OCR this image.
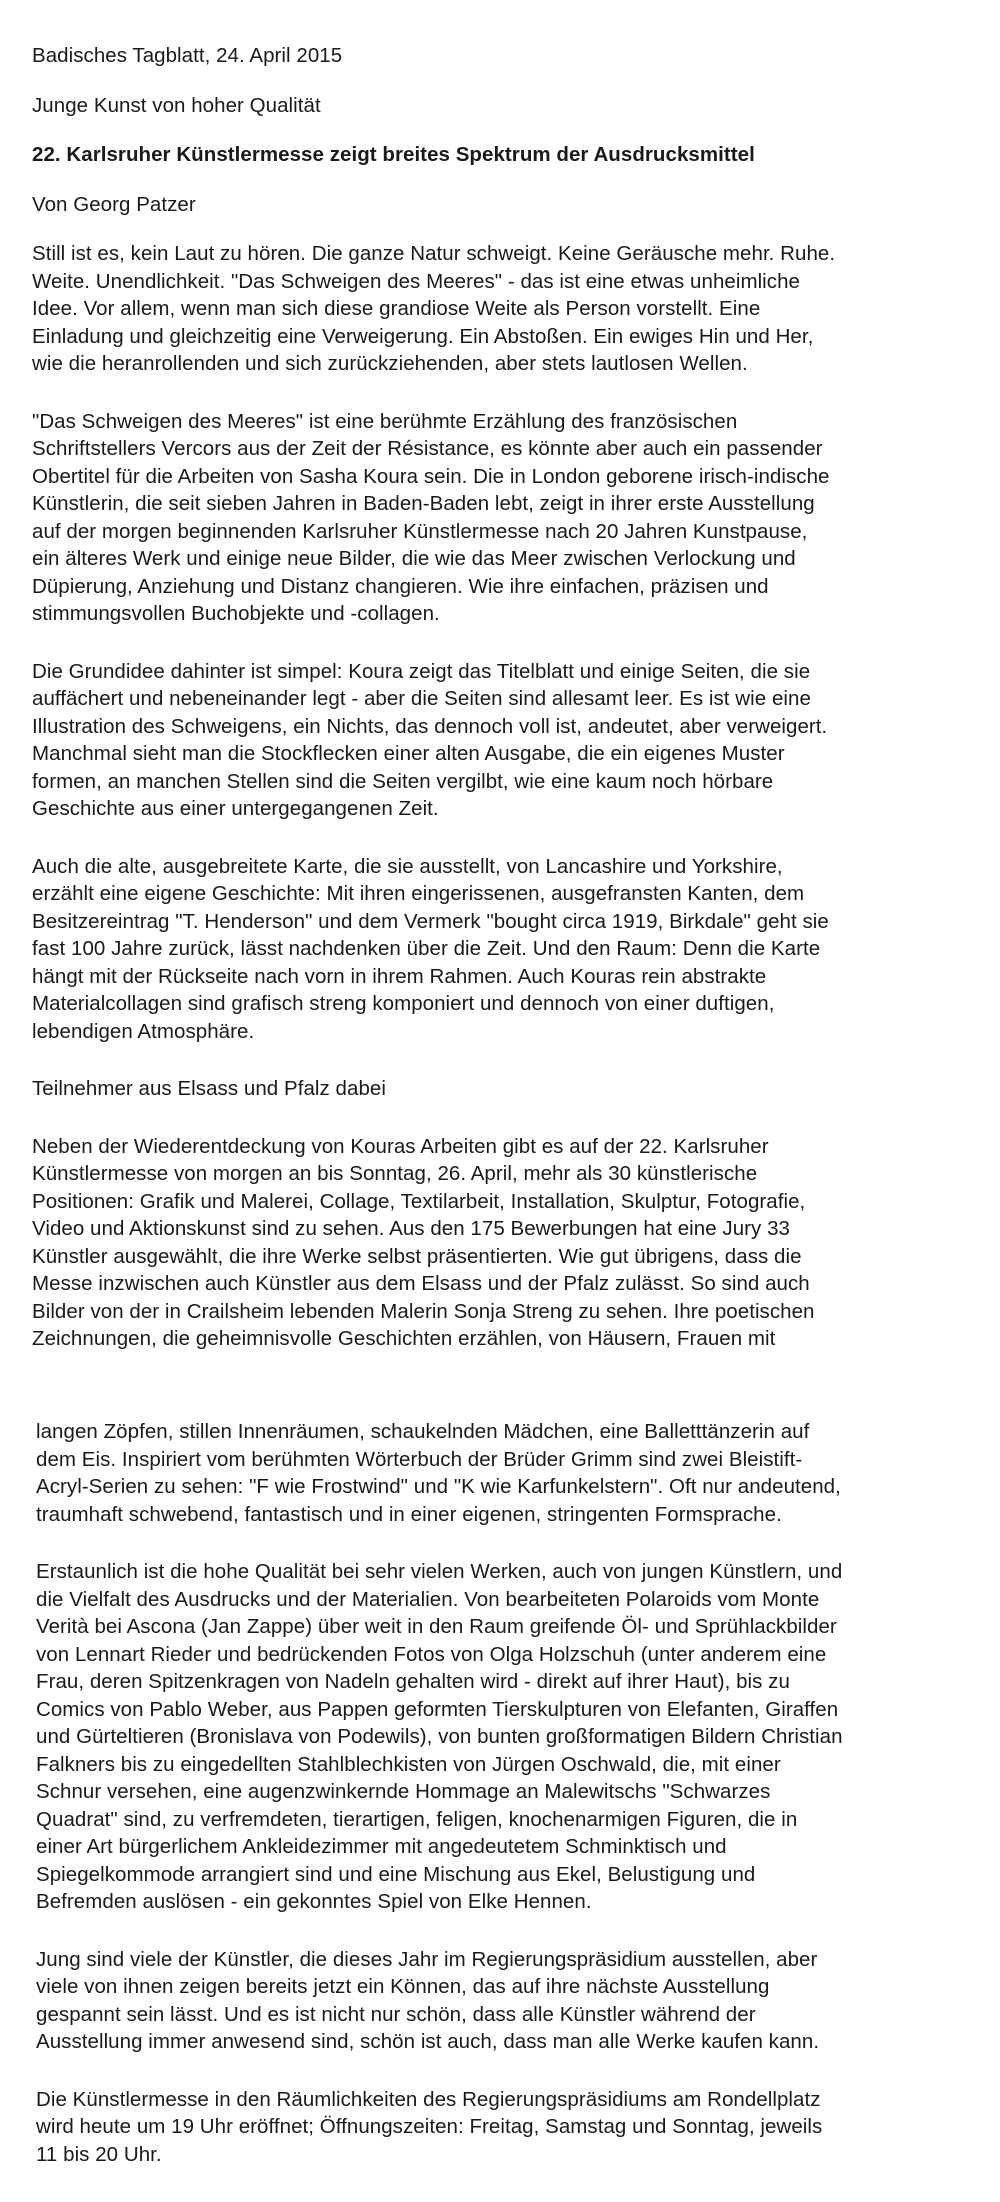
Badisches Tagblatt, 24. April 2015
Junge Kunst von hoher Qualität
22. Karlsruher Künstlermesse zeigt breites Spektrum der Ausdrucksmittel
Von Georg Patzer
Still ist es, kein Laut zu hören. Die ganze Natur schweigt. Keine Geräusche mehr. Ruhe.
Weite. Unendlichkeit. "Das Schweigen des Meeres" - das ist eine etwas unheimliche
Idee. Vor allem, wenn man sich diese grandiose Weite als Person vorstellt. Eine
Einladung und gleichzeitig eine Verweigerung. Ein Abstoßen. Ein ewiges Hin und Her,
wie die heranrollenden und sich zurückziehenden, aber stets lautlosen Wellen.
"Das Schweigen des Meeres" ist eine berühmte Erzählung des französischen
Schriftstellers Vercors aus der Zeit der Résistance, es könnte aber auch ein passender
Obertitel für die Arbeiten von Sasha Koura sein. Die in London geborene irisch-indische
Künstlerin, die seit sieben Jahren in Baden-Baden lebt, zeigt in ihrer erste Ausstellung
auf der morgen beginnenden Karlsruher Künstlermesse nach 20 Jahren Kunstpause,
ein älteres Werk und einige neue Bilder, die wie das Meer zwischen Verlockung und
Düpierung, Anziehung und Distanz changieren. Wie ihre einfachen, präzisen und
stimmungsvollen Buchobjekte und -collagen.
Die Grundidee dahinter ist simpel: Koura zeigt das Titelblatt und einige Seiten, die sie
auffächert und nebeneinander legt - aber die Seiten sind allesamt leer. Es ist wie eine
Illustration des Schweigens, ein Nichts, das dennoch voll ist, andeutet, aber verweigert.
Manchmal sieht man die Stockflecken einer alten Ausgabe, die ein eigenes Muster
formen, an manchen Stellen sind die Seiten vergilbt, wie eine kaum noch hörbare
Geschichte aus einer untergegangenen Zeit.
Auch die alte, ausgebreitete Karte, die sie ausstellt, von Lancashire und Yorkshire,
erzählt eine eigene Geschichte: Mit ihren eingerissenen, ausgefransten Kanten, dem
Besitzereintrag "T. Henderson" und dem Vermerk "bought circa 1919, Birkdale" geht sie
fast 100 Jahre zurück, lässt nachdenken über die Zeit. Und den Raum: Denn die Karte
hängt mit der Rückseite nach vorn in ihrem Rahmen. Auch Kouras rein abstrakte
Materialcollagen sind grafisch streng komponiert und dennoch von einer duftigen,
lebendigen Atmosphäre.
Teilnehmer aus Elsass und Pfalz dabei
Neben der Wiederentdeckung von Kouras Arbeiten gibt es auf der 22. Karlsruher
Künstlermesse von morgen an bis Sonntag, 26. April, mehr als 30 künstlerische
Positionen: Grafik und Malerei, Collage, Textilarbeit, Installation, Skulptur, Fotografie,
Video und Aktionskunst sind zu sehen. Aus den 175 Bewerbungen hat eine Jury 33
Künstler ausgewählt, die ihre Werke selbst präsentierten. Wie gut übrigens, dass die
Messe inzwischen auch Künstler aus dem Elsass und der Pfalz zulässt. So sind auch
Bilder von der in Crailsheim lebenden Malerin Sonja Streng zu sehen. Ihre poetischen
Zeichnungen, die geheimnisvolle Geschichten erzählen, von Häusern, Frauen mit
langen Zöpfen, stillen Innenräumen, schaukelnden Mädchen, eine Balletttänzerin auf
dem Eis. Inspiriert vom berühmten Wörterbuch der Brüder Grimm sind zwei Bleistift-
Acryl-Serien zu sehen: "F wie Frostwind" und "K wie Karfunkelstern". Oft nur andeutend,
traumhaft schwebend, fantastisch und in einer eigenen, stringenten Formsprache.
Erstaunlich ist die hohe Qualität bei sehr vielen Werken, auch von jungen Künstlern, und
die Vielfalt des Ausdrucks und der Materialien. Von bearbeiteten Polaroids vom Monte
Verità bei Ascona (Jan Zappe) über weit in den Raum greifende Öl- und Sprühlackbilder
von Lennart Rieder und bedrückenden Fotos von Olga Holzschuh (unter anderem eine
Frau, deren Spitzenkragen von Nadeln gehalten wird - direkt auf ihrer Haut), bis zu
Comics von Pablo Weber, aus Pappen geformten Tierskulpturen von Elefanten, Giraffen
und Gürteltieren (Bronislava von Podewils), von bunten großformatigen Bildern Christian
Falkners bis zu eingedellten Stahlblechkisten von Jürgen Oschwald, die, mit einer
Schnur versehen, eine augenzwinkernde Hommage an Malewitschs "Schwarzes
Quadrat" sind, zu verfremdeten, tierartigen, feligen, knochenarmigen Figuren, die in
einer Art bürgerlichem Ankleidezimmer mit angedeutetem Schminktisch und
Spiegelkommode arrangiert sind und eine Mischung aus Ekel, Belustigung und
Befremden auslösen - ein gekonntes Spiel von Elke Hennen.
Jung sind viele der Künstler, die dieses Jahr im Regierungspräsidium ausstellen, aber
viele von ihnen zeigen bereits jetzt ein Können, das auf ihre nächste Ausstellung
gespannt sein lässt. Und es ist nicht nur schön, dass alle Künstler während der
Ausstellung immer anwesend sind, schön ist auch, dass man alle Werke kaufen kann.
Die Künstlermesse in den Räumlichkeiten des Regierungspräsidiums am Rondellplatz
wird heute um 19 Uhr eröffnet; Öffnungszeiten: Freitag, Samstag und Sonntag, jeweils
11 bis 20 Uhr.
